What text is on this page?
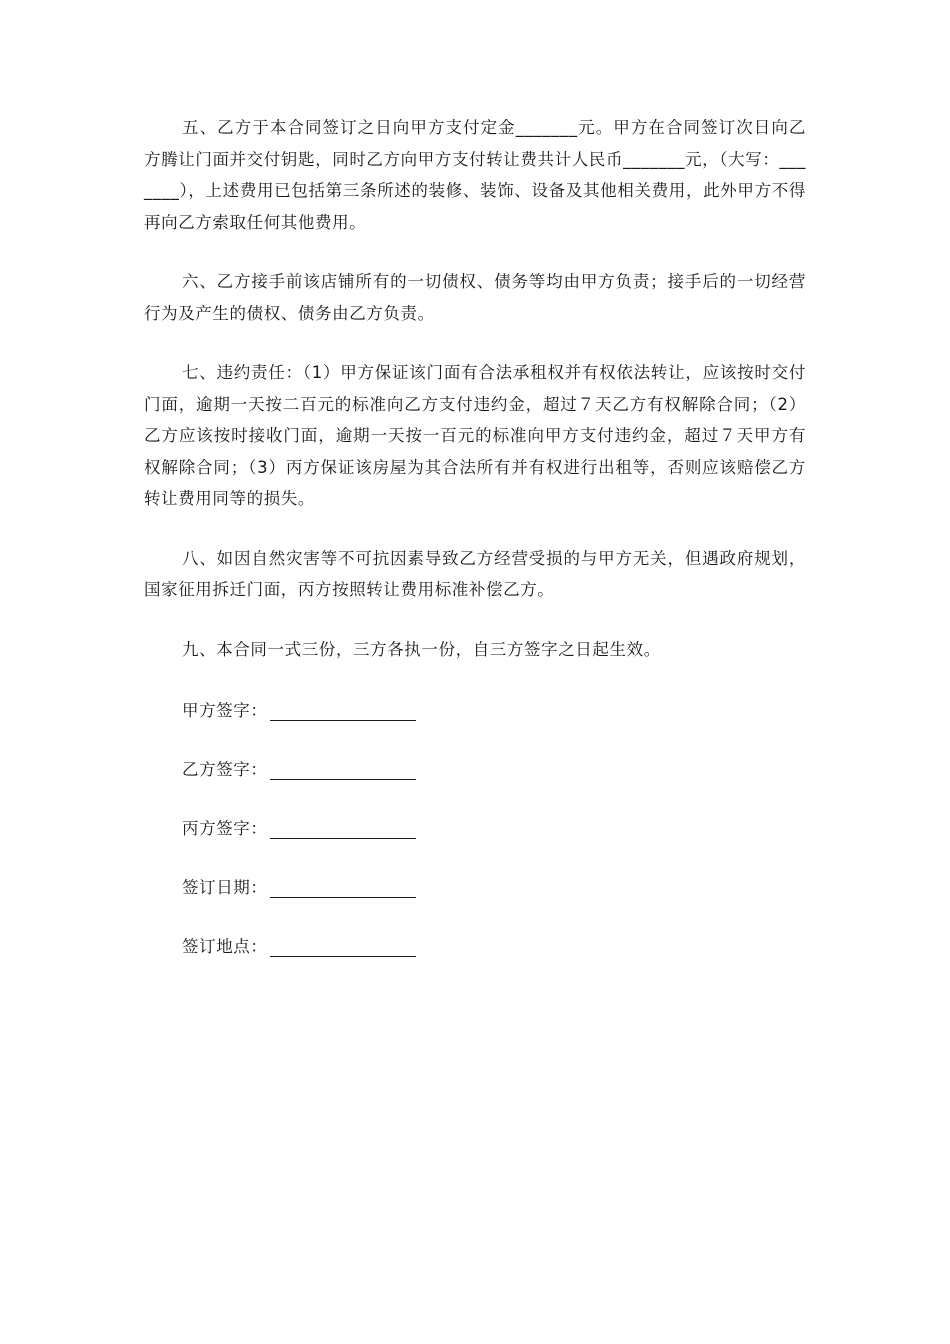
五、乙方于本合同签订之日向甲方支付定金_______元。甲方在合同签订次日向乙方腾让门面并交付钥匙，同时乙方向甲方支付转让费共计人民币_______元，（大写：_______），上述费用已包括第三条所述的装修、装饰、设备及其他相关费用，此外甲方不得再向乙方索取任何其他费用。

六、乙方接手前该店铺所有的一切债权、债务等均由甲方负责；接手后的一切经营行为及产生的债权、债务由乙方负责。

七、违约责任：（1）甲方保证该门面有合法承租权并有权依法转让，应该按时交付门面，逾期一天按二百元的标准向乙方支付违约金，超过７天乙方有权解除合同；（2）乙方应该按时接收门面，逾期一天按一百元的标准向甲方支付违约金，超过７天甲方有权解除合同；（3）丙方保证该房屋为其合法所有并有权进行出租等，否则应该赔偿乙方转让费用同等的损失。

八、如因自然灾害等不可抗因素导致乙方经营受损的与甲方无关，但遇政府规划，国家征用拆迁门面，丙方按照转让费用标准补偿乙方。

九、本合同一式三份，三方各执一份，自三方签字之日起生效。

甲方签字：
乙方签字：
丙方签字：
签订日期：
签订地点：
